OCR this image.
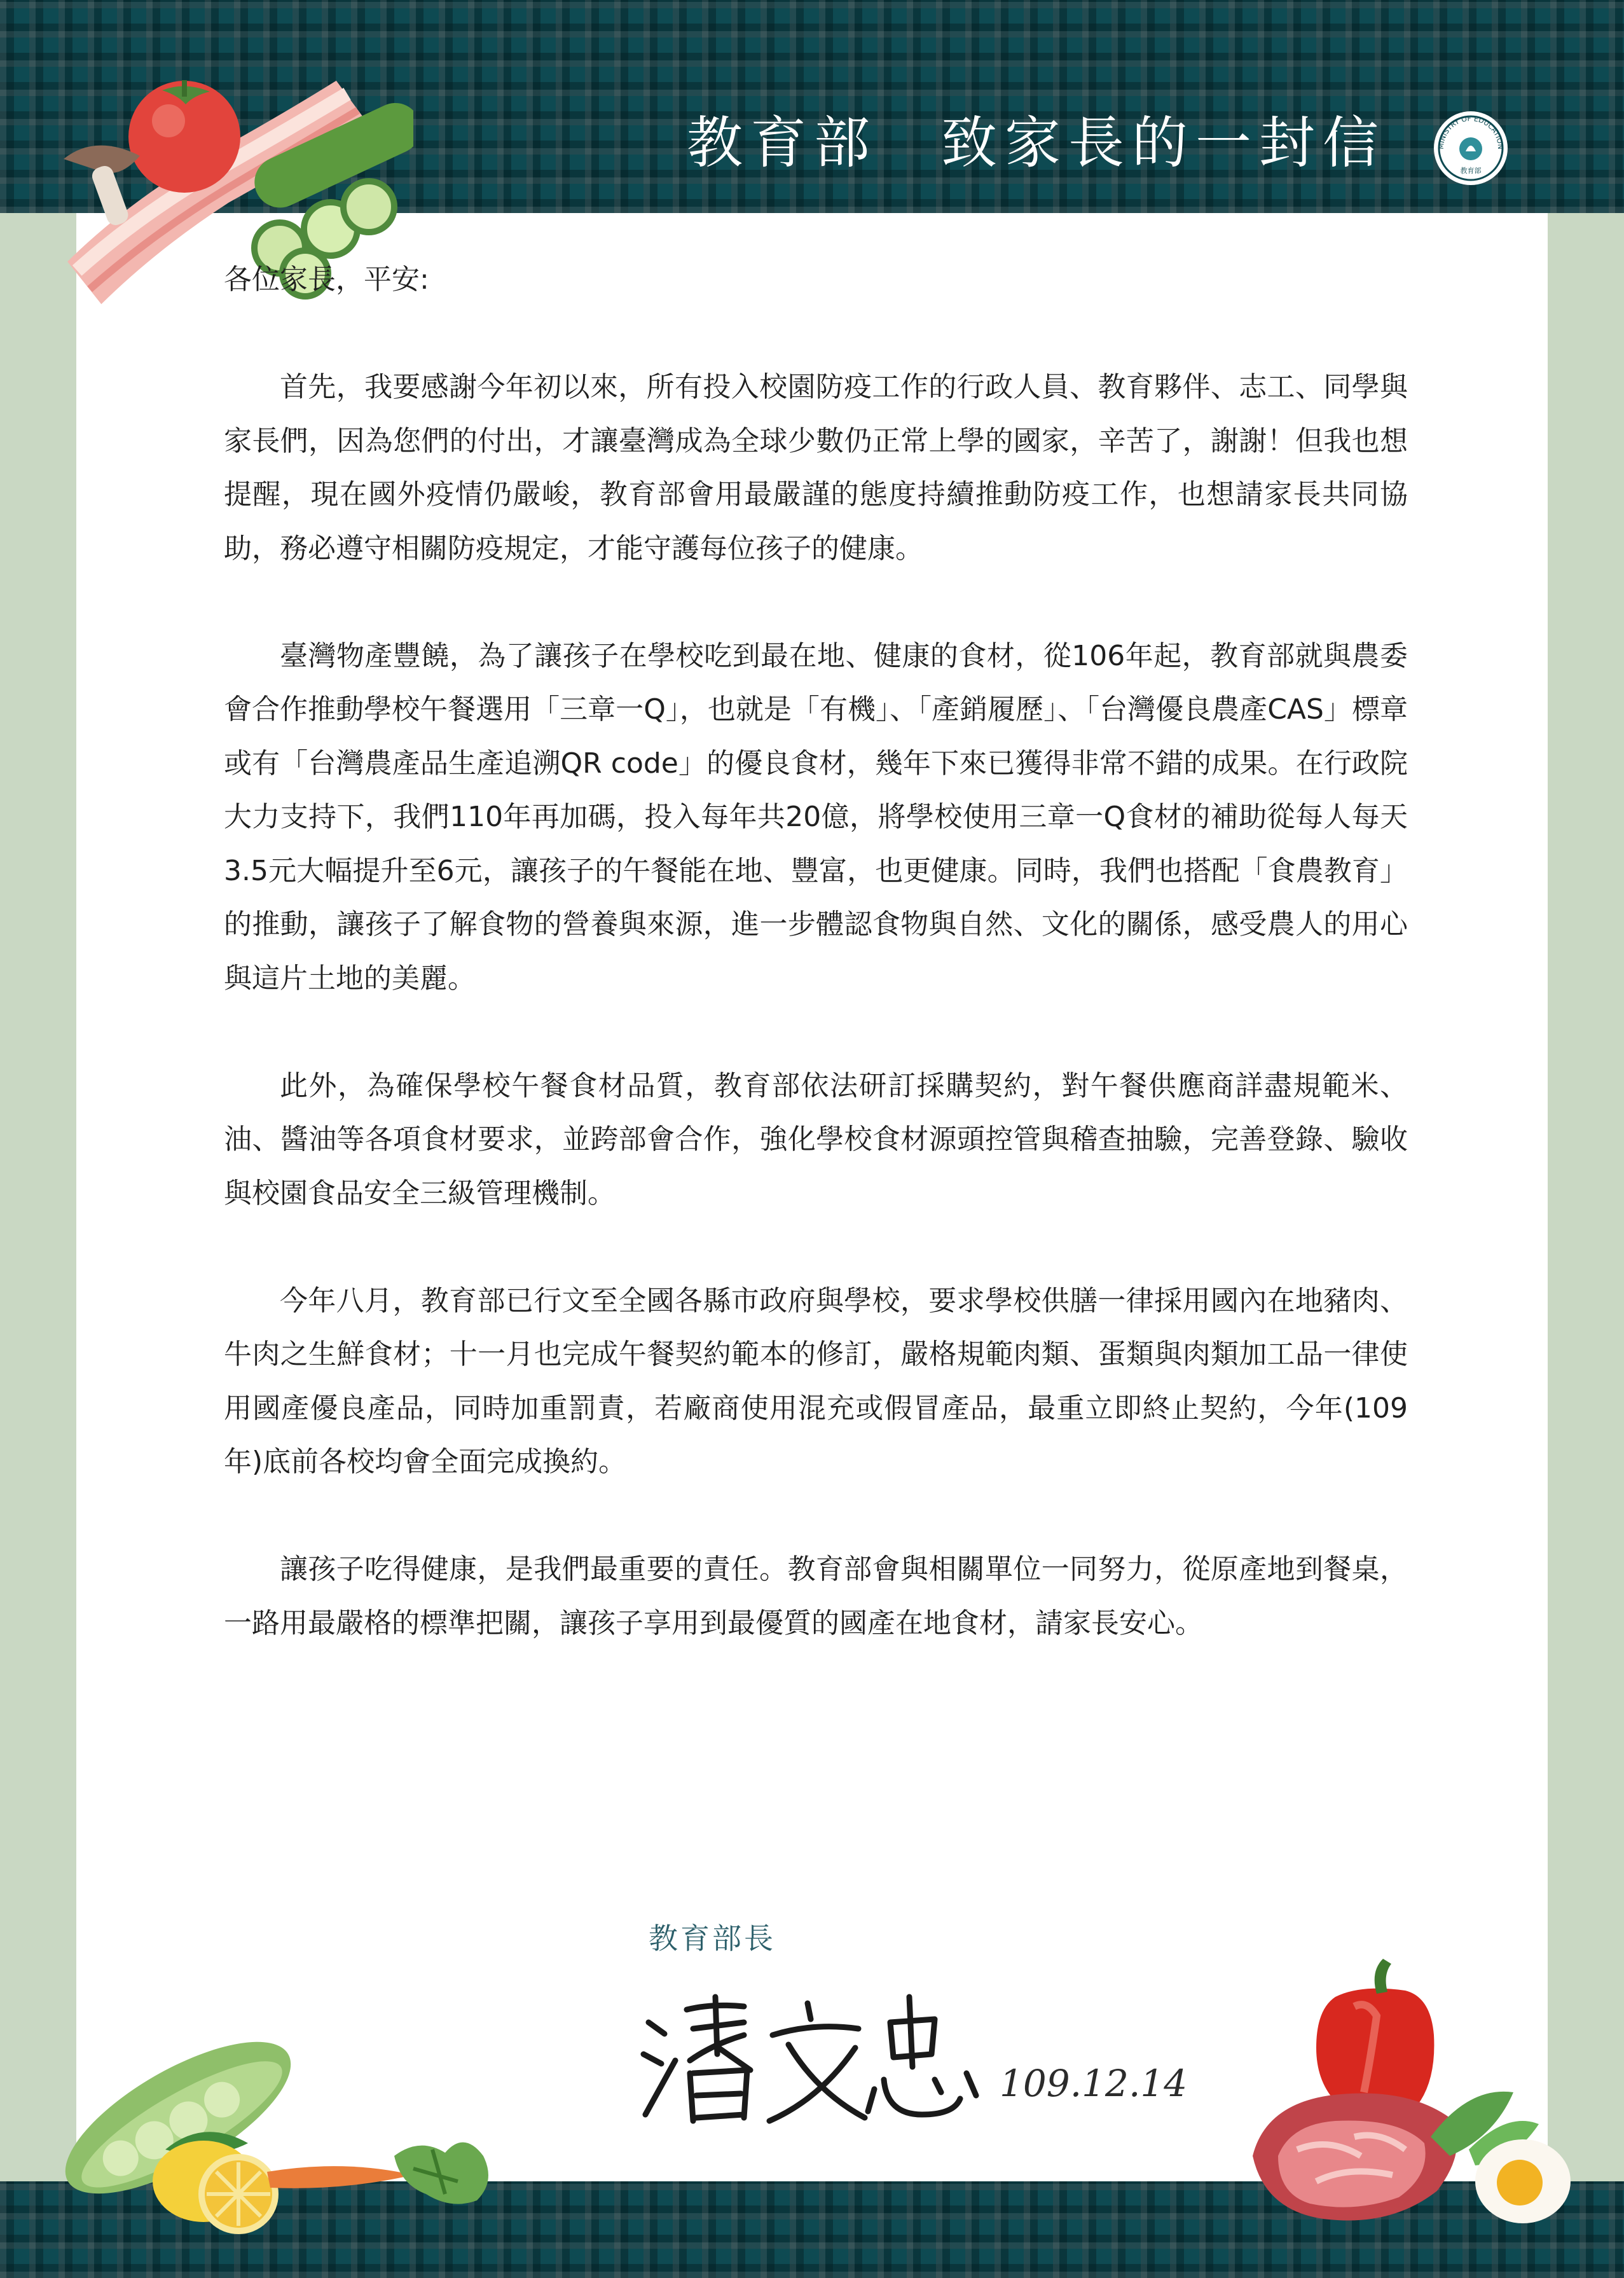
教育部　致家長的一封信	MINISTRY OF EDUCATION
教育部

各位家長，平安:

首先，我要感謝今年初以來，所有投入校園防疫工作的行政人員、教育夥伴、志工、同學與家長們，因為您們的付出，才讓臺灣成為全球少數仍正常上學的國家，辛苦了，謝謝！但我也想提醒，現在國外疫情仍嚴峻，教育部會用最嚴謹的態度持續推動防疫工作，也想請家長共同協助，務必遵守相關防疫規定，才能守護每位孩子的健康。

臺灣物產豐饒，為了讓孩子在學校吃到最在地、健康的食材，從106年起，教育部就與農委會合作推動學校午餐選用「三章一Q」，也就是「有機」、「產銷履歷」、「台灣優良農產CAS」標章或有「台灣農產品生產追溯QR code」的優良食材，幾年下來已獲得非常不錯的成果。在行政院大力支持下，我們110年再加碼，投入每年共20億，將學校使用三章一Q食材的補助從每人每天3.5元大幅提升至6元，讓孩子的午餐能在地、豐富，也更健康。同時，我們也搭配「食農教育」的推動，讓孩子了解食物的營養與來源，進一步體認食物與自然、文化的關係，感受農人的用心與這片土地的美麗。

此外，為確保學校午餐食材品質，教育部依法研訂採購契約，對午餐供應商詳盡規範米、油、醬油等各項食材要求，並跨部會合作，強化學校食材源頭控管與稽查抽驗，完善登錄、驗收與校園食品安全三級管理機制。

今年八月，教育部已行文至全國各縣市政府與學校，要求學校供膳一律採用國內在地豬肉、牛肉之生鮮食材；十一月也完成午餐契約範本的修訂，嚴格規範肉類、蛋類與肉類加工品一律使用國產優良產品，同時加重罰責，若廠商使用混充或假冒產品，最重立即終止契約，今年(109年)底前各校均會全面完成換約。

讓孩子吃得健康，是我們最重要的責任。教育部會與相關單位一同努力，從原產地到餐桌，一路用最嚴格的標準把關，讓孩子享用到最優質的國產在地食材，請家長安心。

教育部長
109.12.14
